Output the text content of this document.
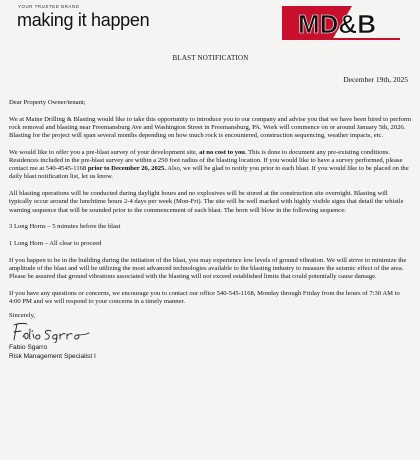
YOUR TRUSTED BRAND
making it happen	MD&B
BLAST NOTIFICATION
December 19th, 2025

Dear Property Owner/tenant;

We at Maine Drilling & Blasting would like to take this opportunity to introduce you to our company and advise you that we have been hired to perform rock removal and blasting near Freemansburg Ave and Washington Street in Freemansburg, PA. Work will commence on or around January 5th, 2026. Blasting for the project will span several months depending on how much rock is encountered, construction sequencing, weather impacts, etc.

We would like to offer you a pre-blast survey of your development site, at no cost to you. This is done to document any pre-existing conditions. Residences included in the pre-blast survey are within a 250 foot radius of the blasting location. If you would like to have a survey performed, please contact me at 540-4545-1168 prior to December 26, 2025. Also, we will be glad to notify you prior to each blast. If you would like to be placed on the daily blast notification list, let us know.

All blasting operations will be conducted during daylight hours and no explosives will be stored at the construction site overnight. Blasting will typically occur around the lunchtime hours 2-4 days per week (Mon-Fri). The site will be well marked with highly visible signs that detail the whistle warning sequence that will be sounded prior to the commencement of each blast. The horn will blow in the following sequence:

3 Long Horns – 5 minutes before the blast

1 Long Horn – All clear to proceed

If you happen to be in the building during the initiation of the blast, you may experience low levels of ground vibration. We will strive to minimize the amplitude of the blast and will be utilizing the most advanced technologies available to the blasting industry to measure the seismic effect of the area. Please be assured that ground vibrations associated with the blasting will not exceed established limits that could potentially cause damage.

If you have any questions or concerns, we encourage you to contact our office 540-545-1168, Monday through Friday from the hours of 7:30 AM to 4:00 PM and we will respond to your concerns in a timely manner.

Sincerely,
Fabio Sgarro
Risk Management Specialist I
